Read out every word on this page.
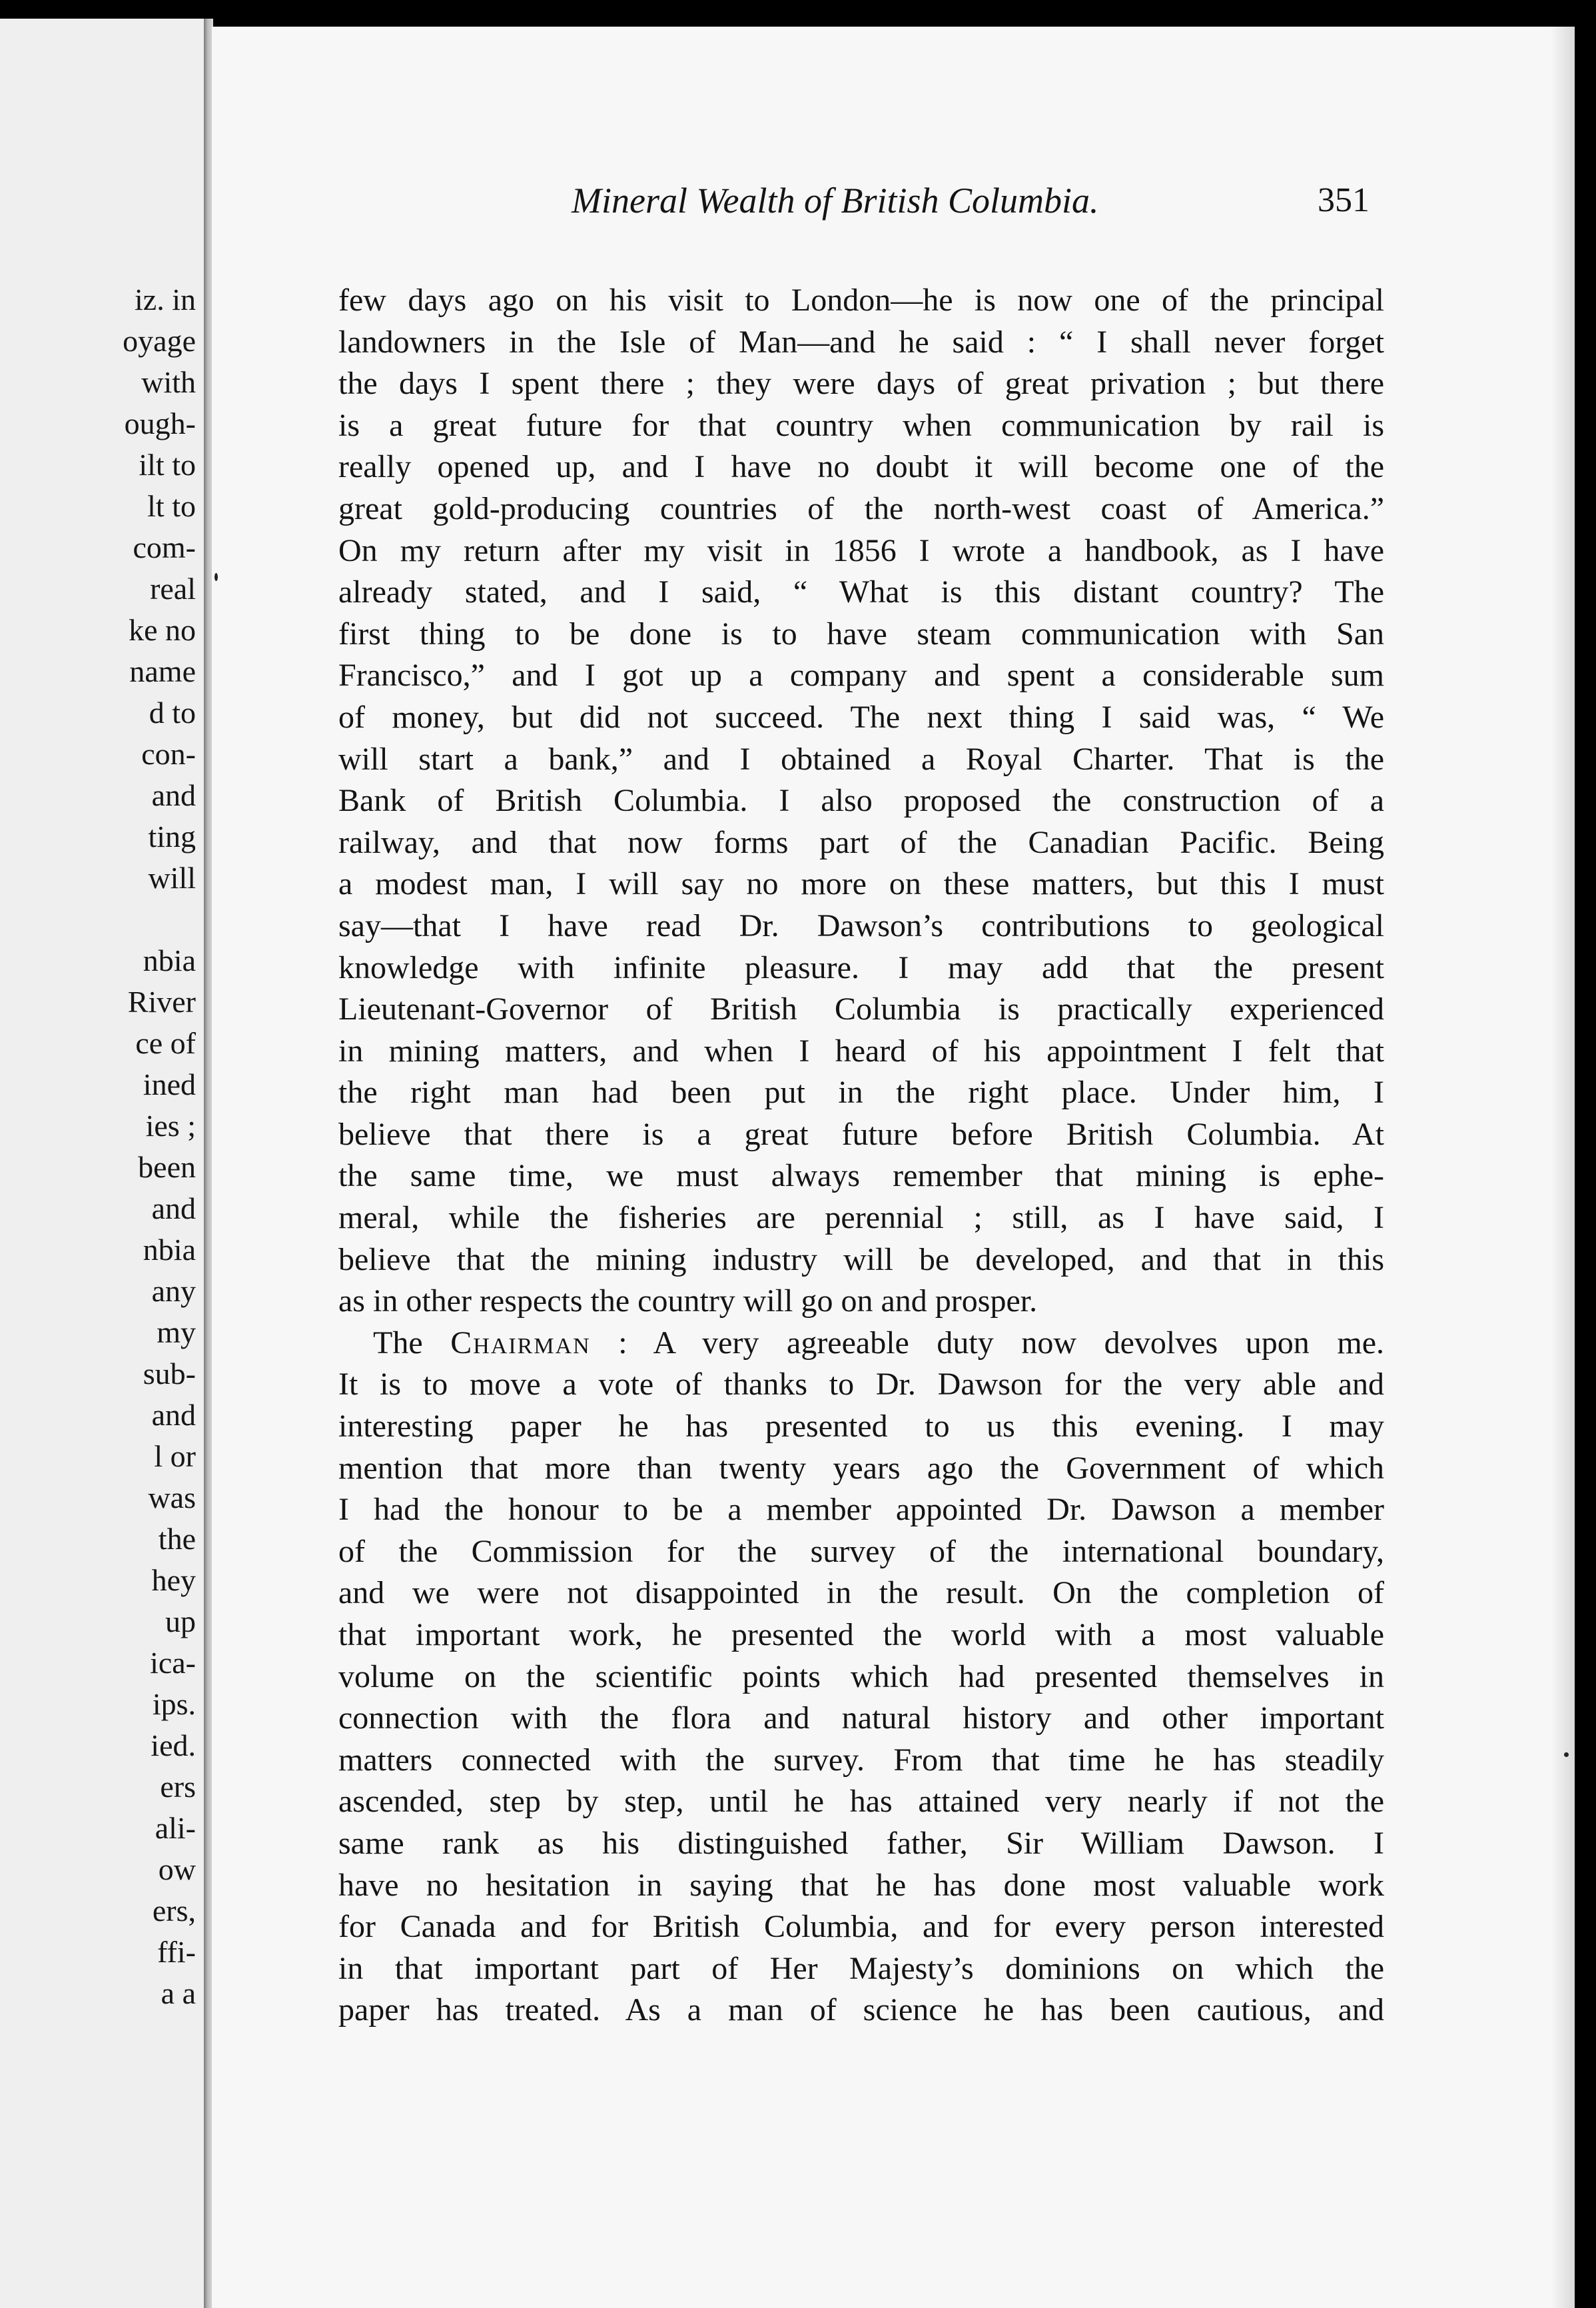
iz. in
oyage
with
ough-
ilt to
lt to
com-
real
ke no
name
d to
con-
and
ting
will
nbia
River
ce of
ined
ies ;
been
and
nbia
any
my
sub-
and
l or
was
the
hey
up
ica-
ips.
ied.
ers
ali-
ow
ers,
ffi-
a a
Mineral Wealth of British Columbia.	351
few days ago on his visit to London—he is now one of the principal
landowners in the Isle of Man—and he said : “ I shall never forget
the days I spent there ; they were days of great privation ; but there
is a great future for that country when communication by rail is
really opened up, and I have no doubt it will become one of the
great gold-producing countries of the north-west coast of America.”
On my return after my visit in 1856 I wrote a handbook, as I have
already stated, and I said, “ What is this distant country? The
first thing to be done is to have steam communication with San
Francisco,” and I got up a company and spent a considerable sum
of money, but did not succeed. The next thing I said was, “ We
will start a bank,” and I obtained a Royal Charter. That is the
Bank of British Columbia. I also proposed the construction of a
railway, and that now forms part of the Canadian Pacific. Being
a modest man, I will say no more on these matters, but this I must
say—that I have read Dr. Dawson’s contributions to geological
knowledge with infinite pleasure. I may add that the present
Lieutenant-Governor of British Columbia is practically experienced
in mining matters, and when I heard of his appointment I felt that
the right man had been put in the right place. Under him, I
believe that there is a great future before British Columbia. At
the same time, we must always remember that mining is ephe-
meral, while the fisheries are perennial ; still, as I have said, I
believe that the mining industry will be developed, and that in this
as in other respects the country will go on and prosper.
The Chairman : A very agreeable duty now devolves upon me.
It is to move a vote of thanks to Dr. Dawson for the very able and
interesting paper he has presented to us this evening. I may
mention that more than twenty years ago the Government of which
I had the honour to be a member appointed Dr. Dawson a member
of the Commission for the survey of the international boundary,
and we were not disappointed in the result. On the completion of
that important work, he presented the world with a most valuable
volume on the scientific points which had presented themselves in
connection with the flora and natural history and other important
matters connected with the survey. From that time he has steadily
ascended, step by step, until he has attained very nearly if not the
same rank as his distinguished father, Sir William Dawson. I
have no hesitation in saying that he has done most valuable work
for Canada and for British Columbia, and for every person interested
in that important part of Her Majesty’s dominions on which the
paper has treated. As a man of science he has been cautious, and
